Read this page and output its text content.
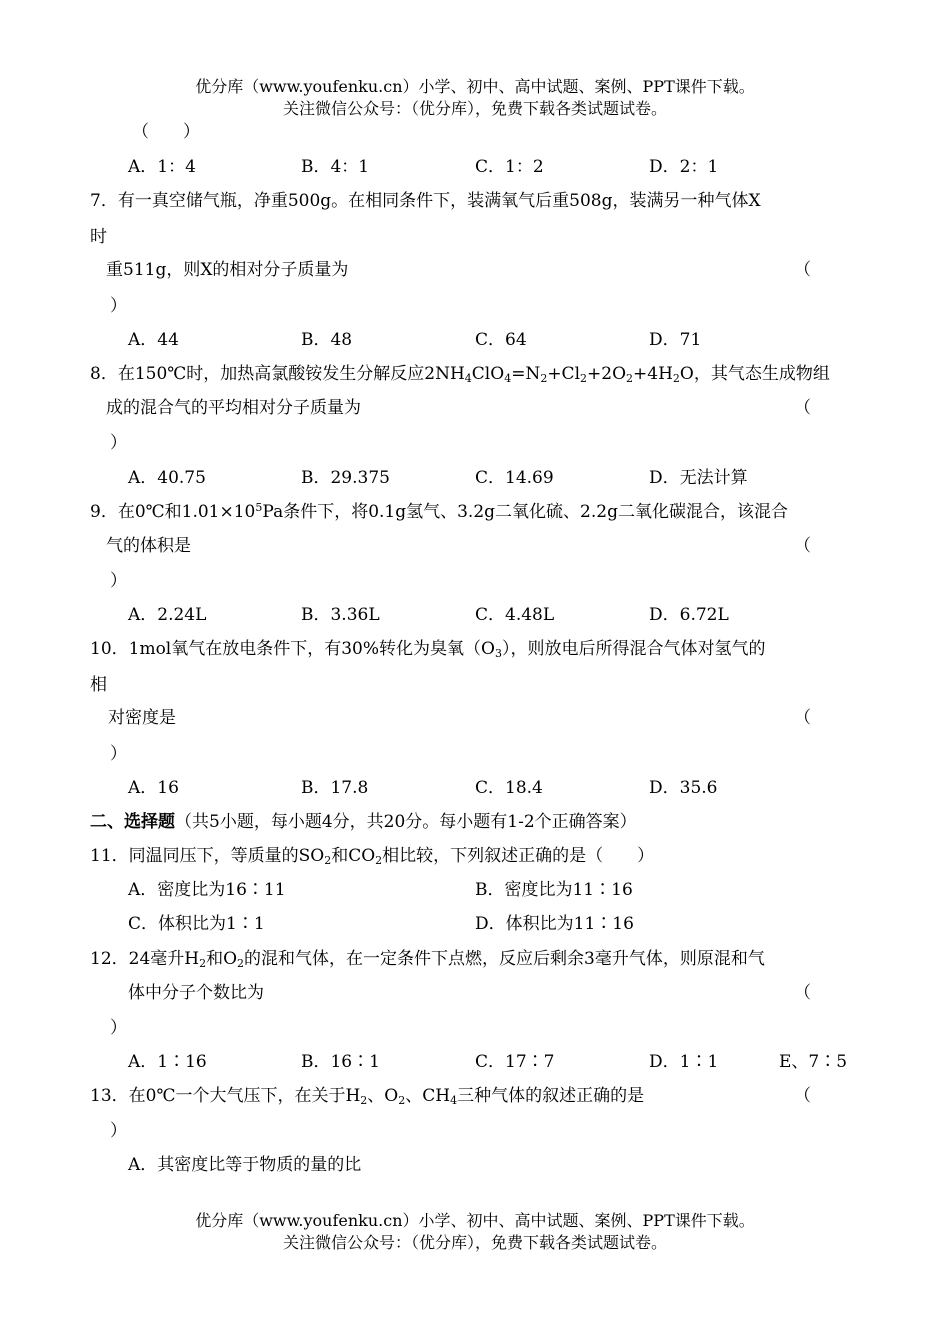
优分库（www.youfenku.cn）小学、初中、高中试题、案例、PPT课件下载。
关注微信公众号：（优分库），免费下载各类试题试卷。
（　　）
A．1：4	B．4：1	C．1：2	D．2：1
7．有一真空储气瓶，净重500g。在相同条件下，装满氧气后重508g，装满另一种气体X
时
重511g，则X的相对分子质量为	（
）
A．44	B．48	C．64	D．71
8．在150℃时，加热高氯酸铵发生分解反应$2NH_4ClO_4=N_2+Cl_2+2O_2+4H_2O$，其气态生成物组
成的混合气的平均相对分子质量为	（
）
A．40.75	B．29.375	C．14.69	D．无法计算
9．在0℃和$1.01\times 10^5Pa$条件下，将0.1g氢气、3.2g二氧化硫、2.2g二氧化碳混合，该混合
气的体积是	（
）
A．2.24L	B．3.36L	C．4.48L	D．6.72L
10．1mol氧气在放电条件下，有30%转化为臭氧$(O_3)$，则放电后所得混合气体对氢气的
相
对密度是	（
）
A．16	B．17.8	C．18.4	D．35.6
二、选择题（共5小题，每小题4分，共20分。每小题有1-2个正确答案）
11．同温同压下，等质量的$SO_2$和$CO_2$相比较，下列叙述正确的是（　　）
A．密度比为16∶11	B．密度比为11∶16
C．体积比为1∶1	D．体积比为11∶16
12．24毫升$H_2$和$O_2$的混和气体，在一定条件下点燃，反应后剩余3毫升气体，则原混和气
体中分子个数比为	（
）
A．1∶16	B．16∶1	C．17∶7	D．1∶1	E、7∶5
13．在0℃一个大气压下，在关于$H_2$、$O_2$、$CH_4$三种气体的叙述正确的是	（
）
A．其密度比等于物质的量的比
优分库（www.youfenku.cn）小学、初中、高中试题、案例、PPT课件下载。
关注微信公众号：（优分库），免费下载各类试题试卷。
